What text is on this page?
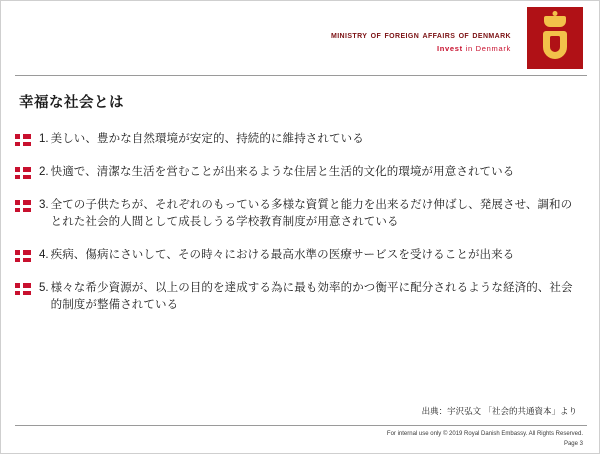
ministry of foreign affairs of denmark
Invest in Denmark
幸福な社会とは
1. 美しい、豊かな自然環境が安定的、持続的に維持されている
2. 快適で、清潔な生活を営むことが出来るような住居と生活的文化的環境が用意されている
3. 全ての子供たちが、それぞれのもっている多様な資質と能力を出来るだけ伸ばし、発展させ、調和のとれた社会的人間として成長しうる学校教育制度が用意されている
4. 疾病、傷病にさいして、その時々における最高水準の医療サービスを受けることが出来る
5. 様々な希少資源が、以上の目的を達成する為に最も効率的かつ衡平に配分されるような経済的、社会的制度が整備されている
出典：宇沢弘文 「社会的共通資本」より
For internal use only © 2019 Royal Danish Embassy. All Rights Reserved.
Page 3
